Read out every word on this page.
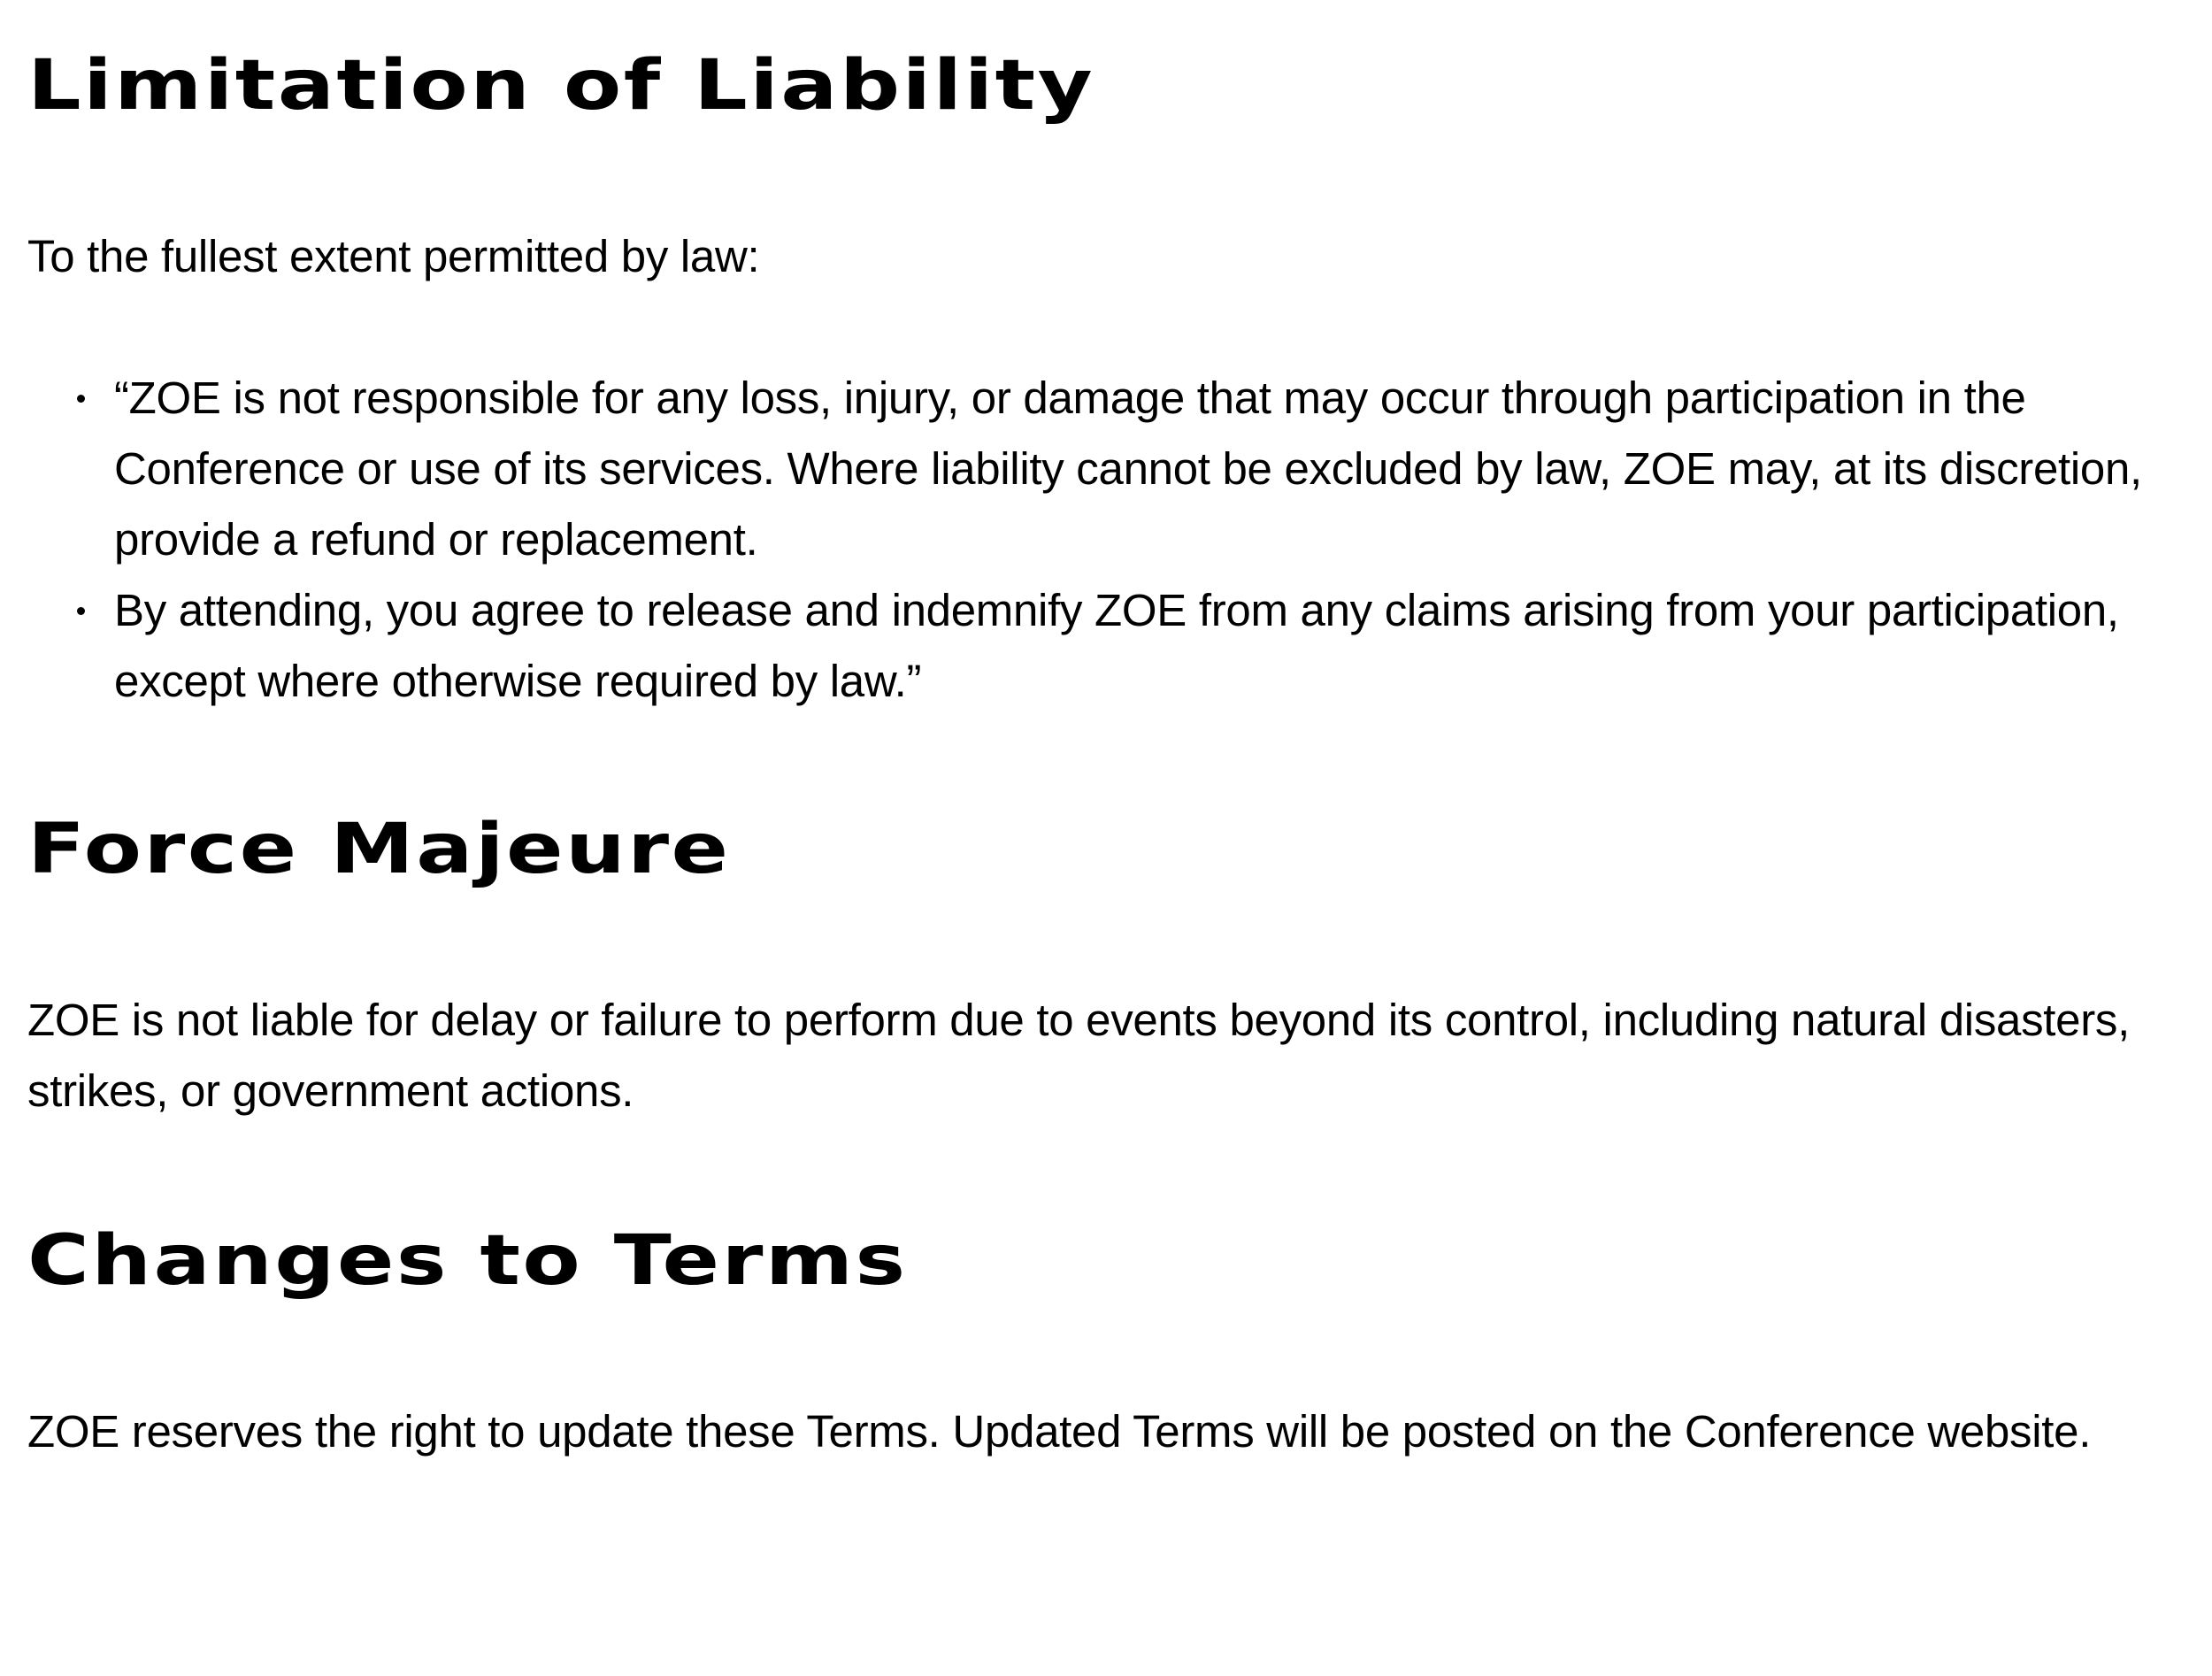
Limitation of Liability

To the fullest extent permitted by law:

“ZOE is not responsible for any loss, injury, or damage that may occur through participation in the Conference or use of its services. Where liability cannot be excluded by law, ZOE may, at its discretion, provide a refund or replacement.
By attending, you agree to release and indemnify ZOE from any claims arising from your participation, except where otherwise required by law.”
Force Majeure

ZOE is not liable for delay or failure to perform due to events beyond its control, including natural disasters, strikes, or government actions.

Changes to Terms

ZOE reserves the right to update these Terms. Updated Terms will be posted on the Conference website.
